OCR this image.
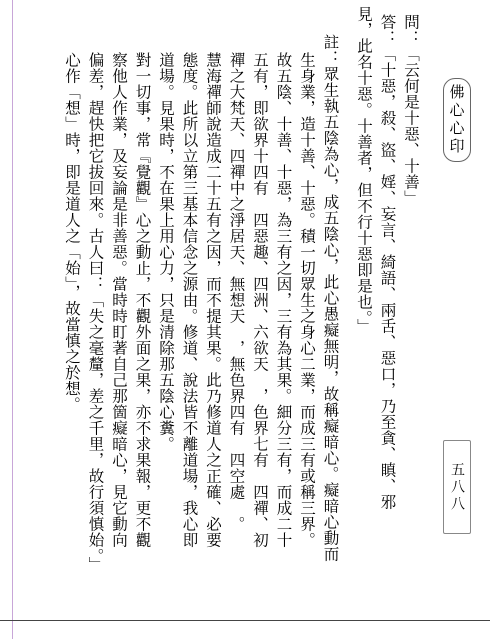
問：「云何是十惡、十善」
答：「十惡，殺、盜、婬、妄言、綺語、兩舌、惡口，乃至貪、瞋、邪
見，此名十惡。十善者，但不行十惡即是也。」
註：眾生執五陰為心，成五陰心，此心愚癡無明，故稱癡暗心。癡暗心動而
生身業，造十善、十惡。積一切眾生之身心二業，而成三有或稱三界。
故五陰、十善、十惡，為三有之因，三有為其果。細分三有，而成二十
五有，即欲界十四有　四惡趣、四洲、六欲天　，色界七有　四禪、初
禪之大梵天、四禪中之淨居天、無想天　，無色界四有　四空處　。
慧海禪師說造成二十五有之因，而不提其果。此乃修道人之正確、必要
態度。此所以立第三基本信念之源由。修道、說法皆不離道場，我心即
道場。見果時，不在果上用心力，只是清除那五陰心糞。
對一切事，常『覺觀』心之動止，不觀外面之果，亦不求果報，更不觀
察他人作業，及妄論是非善惡。當時時盯著自己那箇癡暗心，見它動向
偏差，趕快把它拔回來。古人曰：「失之毫釐，差之千里，故行須慎始。」
心作「想」時，即是道人之「始」，故當慎之於想。	佛心心印
五八八
